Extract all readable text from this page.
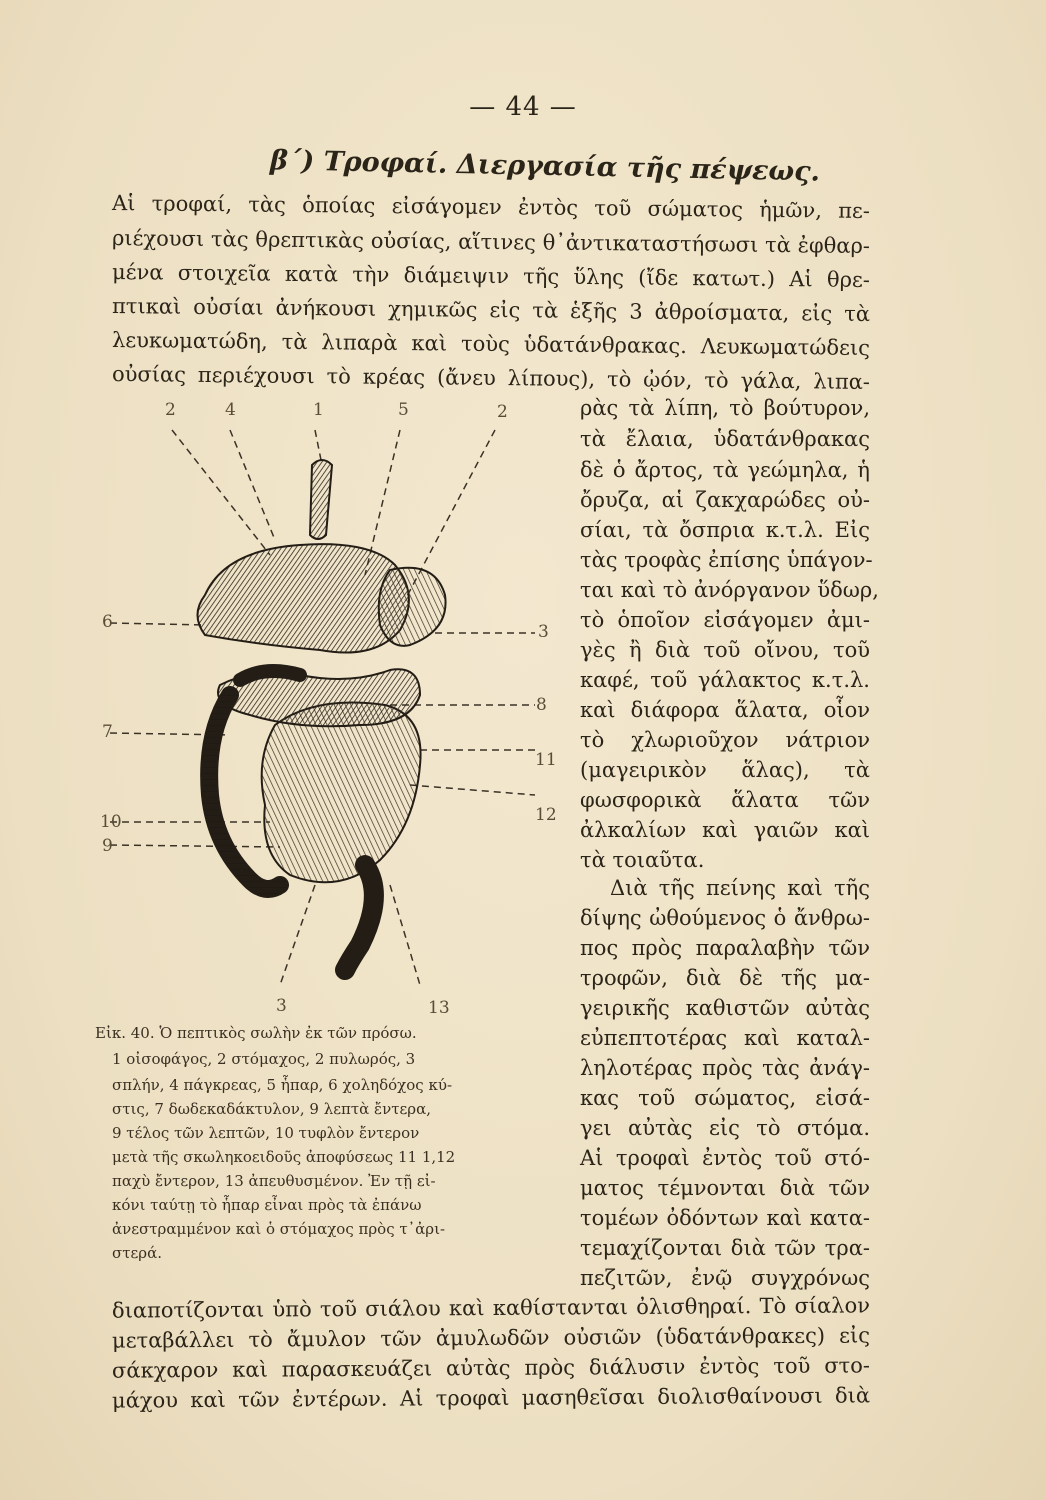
— 44 —
β΄) Τροφαί. Διεργασία τῆς πέψεως.
Αἱ τροφαί, τὰς ὁποίας εἰσάγομεν ἐντὸς τοῦ σώματος ἡμῶν, πε-
ριέχουσι τὰς θρεπτικὰς οὐσίας, αἵτινες θ᾽ἀντικαταστήσωσι τὰ ἐφθαρ-
μένα στοιχεῖα κατὰ τὴν διάμειψιν τῆς ὕλης (ἴδε κατωτ.) Αἱ θρε-
πτικαὶ οὐσίαι ἀνήκουσι χημικῶς εἰς τὰ ἑξῆς 3 ἀθροίσματα, εἰς τὰ
λευκωματώδη, τὰ λιπαρὰ καὶ τοὺς ὑδατάνθρακας. Λευκωματώδεις
οὐσίας περιέχουσι τὸ κρέας (ἄνευ λίπους), τὸ ᾠόν, τὸ γάλα, λιπα-
ρὰς τὰ λίπη, τὸ βούτυρον,
τὰ ἔλαια, ὑδατάνθρακας
δὲ ὁ ἄρτος, τὰ γεώμηλα, ἡ
ὄρυζα, αἱ ζακχαρώδες οὐ-
σίαι, τὰ ὄσπρια κ.τ.λ. Εἰς
τὰς τροφὰς ἐπίσης ὑπάγον-
ται καὶ τὸ ἀνόργανον ὕδωρ,
τὸ ὁποῖον εἰσάγομεν ἀμι-
γὲς ἢ διὰ τοῦ οἴνου, τοῦ
καφέ, τοῦ γάλακτος κ.τ.λ.
καὶ διάφορα ἅλατα, οἷον
τὸ χλωριοῦχον νάτριον
(μαγειρικὸν ἅλας), τὰ
φωσφορικὰ ἅλατα τῶν
ἀλκαλίων καὶ γαιῶν καὶ
τὰ τοιαῦτα.
Διὰ τῆς πείνης καὶ τῆς
δίψης ὠθούμενος ὁ ἄνθρω-
πος πρὸς παραλαβὴν τῶν
τροφῶν, διὰ δὲ τῆς μα-
γειρικῆς καθιστῶν αὐτὰς
εὐπεπτοτέρας καὶ καταλ-
ληλοτέρας πρὸς τὰς ἀνάγ-
κας τοῦ σώματος, εἰσά-
γει αὐτὰς εἰς τὸ στόμα.
Αἱ τροφαὶ ἐντὸς τοῦ στό-
ματος τέμνονται διὰ τῶν
τομέων ὀδόντων καὶ κατα-
τεμαχίζονται διὰ τῶν τρα-
πεζιτῶν, ἐνῷ συγχρόνως
διαποτίζονται ὑπὸ τοῦ σιάλου καὶ καθίστανται ὀλισθηραί. Τὸ σίαλον
μεταβάλλει τὸ ἄμυλον τῶν ἀμυλωδῶν οὐσιῶν (ὑδατάνθρακες) εἰς
σάκχαρον καὶ παρασκευάζει αὐτὰς πρὸς διάλυσιν ἐντὸς τοῦ στο-
μάχου καὶ τῶν ἐντέρων. Αἱ τροφαὶ μασηθεῖσαι διολισθαίνουσι διὰ
2	4	1	5	2
6
7
10
9
3
8
11
12
3	13
Εἰκ. 40. Ὁ πεπτικὸς σωλὴν ἐκ τῶν πρόσω.
1 οἰσοφάγος, 2 στόμαχος, 2 πυλωρός, 3
σπλήν, 4 πάγκρεας, 5 ἧπαρ, 6 χοληδόχος κύ-
στις, 7 δωδεκαδάκτυλον, 9 λεπτὰ ἔντερα,
9 τέλος τῶν λεπτῶν, 10 τυφλὸν ἔντερον
μετὰ τῆς σκωληκοειδοῦς ἀποφύσεως 11 1,12
παχὺ ἔντερον, 13 ἀπευθυσμένον. Ἐν τῇ εἰ-
κόνι ταύτῃ τὸ ἧπαρ εἶναι πρὸς τὰ ἐπάνω
ἀνεστραμμένον καὶ ὁ στόμαχος πρὸς τ᾽ἀρι-
στερά.
